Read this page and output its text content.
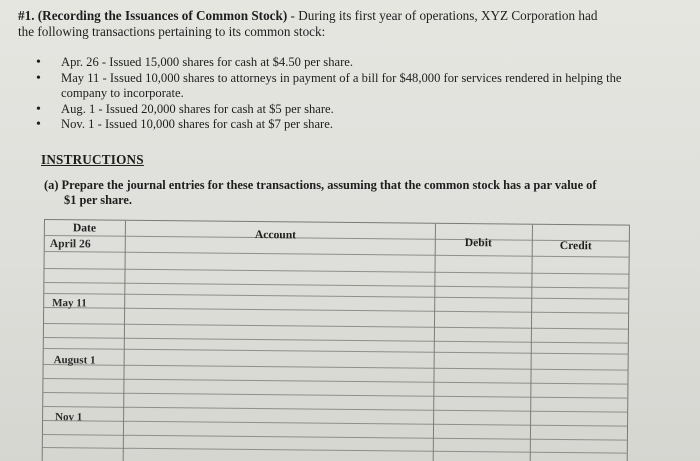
#1. (Recording the Issuances of Common Stock) - During its first year of operations, XYZ Corporation had
the following transactions pertaining to its common stock:
• Apr. 26 - Issued 15,000 shares for cash at $4.50 per share.
• May 11 - Issued 10,000 shares to attorneys in payment of a bill for $48,000 for services rendered in helping the
company to incorporate.
• Aug. 1 - Issued 20,000 shares for cash at $5 per share.
• Nov. 1 - Issued 10,000 shares for cash at $7 per share.
INSTRUCTIONS
(a) Prepare the journal entries for these transactions, assuming that the common stock has a par value of
$1 per share.
Date
Account
Debit	Credit
April 26
May 11
August 1
Nov 1
